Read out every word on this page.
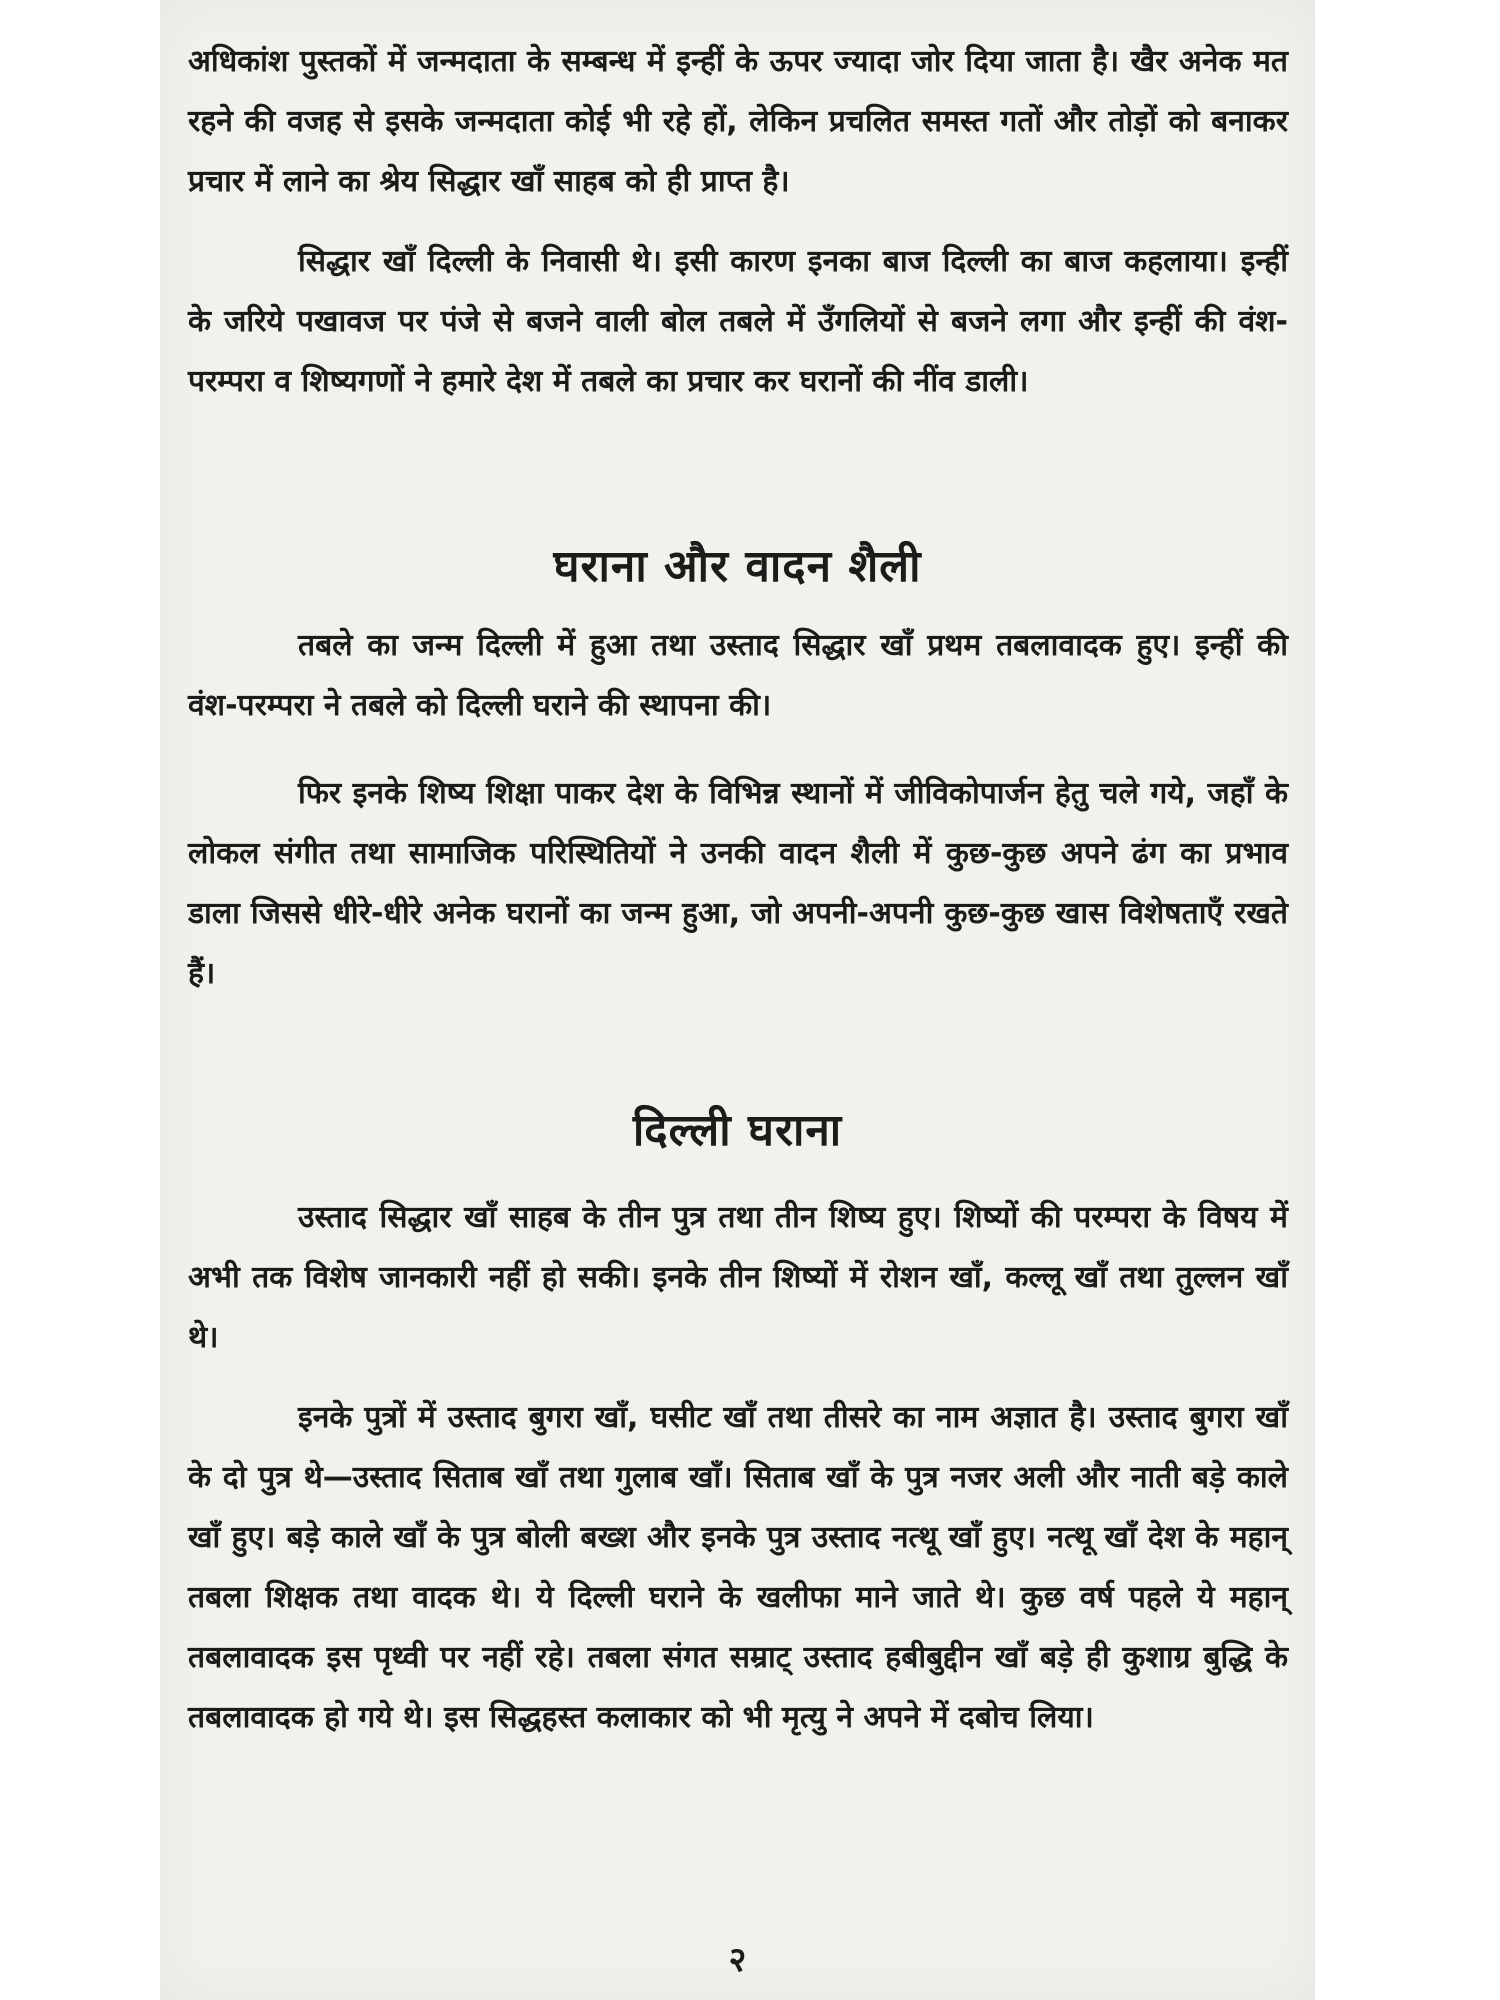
अधिकांश पुस्तकों में जन्मदाता के सम्बन्ध में इन्हीं के ऊपर ज्यादा जोर दिया जाता है। खैर अनेक मत रहने की वजह से इसके जन्मदाता कोई भी रहे हों, लेकिन प्रचलित समस्त गतों और तोड़ों को बनाकर प्रचार में लाने का श्रेय सिद्धार खाँ साहब को ही प्राप्त है।

सिद्धार खाँ दिल्ली के निवासी थे। इसी कारण इनका बाज दिल्ली का बाज कहलाया। इन्हीं के जरिये पखावज पर पंजे से बजने वाली बोल तबले में उँगलियों से बजने लगा और इन्हीं की वंश-परम्परा व शिष्यगणों ने हमारे देश में तबले का प्रचार कर घरानों की नींव डाली।

घराना और वादन शैली

तबले का जन्म दिल्ली में हुआ तथा उस्ताद सिद्धार खाँ प्रथम तबलावादक हुए। इन्हीं की वंश-परम्परा ने तबले को दिल्ली घराने की स्थापना की।

फिर इनके शिष्य शिक्षा पाकर देश के विभिन्न स्थानों में जीविकोपार्जन हेतु चले गये, जहाँ के लोकल संगीत तथा सामाजिक परिस्थितियों ने उनकी वादन शैली में कुछ-कुछ अपने ढंग का प्रभाव डाला जिससे धीरे-धीरे अनेक घरानों का जन्म हुआ, जो अपनी-अपनी कुछ-कुछ खास विशेषताएँ रखते हैं।

दिल्ली घराना

उस्ताद सिद्धार खाँ साहब के तीन पुत्र तथा तीन शिष्य हुए। शिष्यों की परम्परा के विषय में अभी तक विशेष जानकारी नहीं हो सकी। इनके तीन शिष्यों में रोशन खाँ, कल्लू खाँ तथा तुल्लन खाँ थे।

इनके पुत्रों में उस्ताद बुगरा खाँ, घसीट खाँ तथा तीसरे का नाम अज्ञात है। उस्ताद बुगरा खाँ के दो पुत्र थे—उस्ताद सिताब खाँ तथा गुलाब खाँ। सिताब खाँ के पुत्र नजर अली और नाती बड़े काले खाँ हुए। बड़े काले खाँ के पुत्र बोली बख्श और इनके पुत्र उस्ताद नत्थू खाँ हुए। नत्थू खाँ देश के महान् तबला शिक्षक तथा वादक थे। ये दिल्ली घराने के खलीफा माने जाते थे। कुछ वर्ष पहले ये महान् तबलावादक इस पृथ्वी पर नहीं रहे। तबला संगत सम्राट् उस्ताद हबीबुद्दीन खाँ बड़े ही कुशाग्र बुद्धि के तबलावादक हो गये थे। इस सिद्धहस्त कलाकार को भी मृत्यु ने अपने में दबोच लिया।

२
